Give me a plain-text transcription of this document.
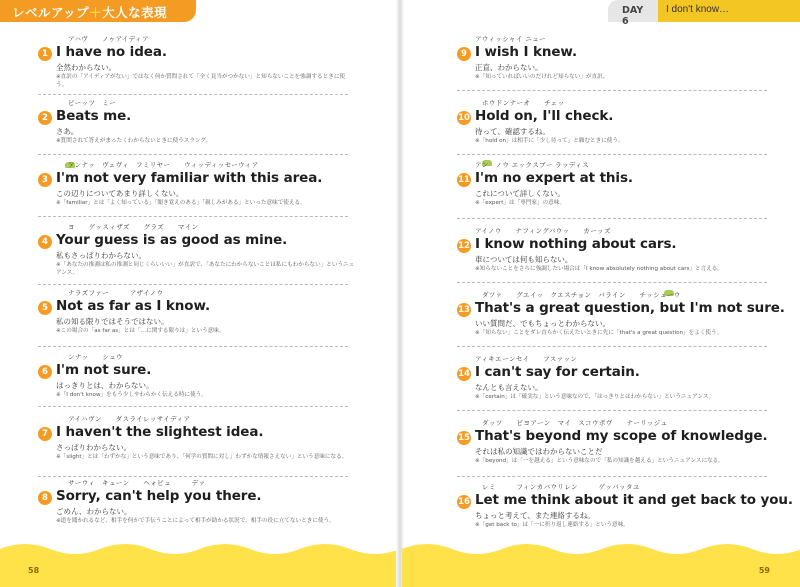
レベルアップ＋大人な表現
アハヴ　　ノゥアイディア
1 I have no idea.
全然わからない。
※直訳の「アイディアがない」ではなく何か質問されて「全く見当がつかない」と知らないことを強調するときに使う。
ビーッツ　ミー
2 Beats me.
さあ。
※質問されて答えがまったくわからないときに使うスラング。
アンナッ　ヴェヴィ　フミリヤー　　ウィッディッセーウィア
3 I'm not very familiar with this area.
この辺りについてあまり詳しくない。
※「familiar」とは「よく知っている」「聞き覚えのある」「親しみがある」といった意味で使える。
ヨ　　ゲッスィザズ　　グラズ　　マイン
4 Your guess is as good as mine.
私もさっぱりわからない。
※「あなたの推測は私の推測と同じくらいいい」が直訳で、「あなたにわからないことは私にもわからない」というニュアンス。
ナラズファー　　　アザイノウ
5 Not as far as I know.
私の知る限りではそうではない。
※この場合の「as far as」とは「…に関する限りは」という意味。
ンナッ　　シュウ
6 I'm not sure.
はっきりとは、わからない。
※「I don't know」をもう少しやわらかく伝える時に使う。
アイハヴン　　ダスライレッサイディア
7 I haven't the slightest idea.
さっぱりわからない。
※「slight」とは「わずかな」という意味であり、「何学の質問に対し」わずかな情報さえない」という意味になる。
サーウィ　キューン　　ヘォピュ　　　デァ
8 Sorry, can't help you there.
ごめん、わからない。
※道を聞かれるなど、相手を何かで手伝うことによって相手が助かる状況で、相手の役に立てないときに使う。
58
DAY 6
I don't know…
アウィッシャイ ニュー
9 I wish I knew.
正直、わからない。
※「知っていればいいのだけれど知らない」が直訳。
ホウドンナーオ　　チェッ
10 Hold on, I'll check.
待って、確認するね。
※「hold on」は相手に「少し待って」と願むときに使う。
アン　ノウ エックスブー ラッディス
11 I'm no expert at this.
これについて詳しくない。
※「expert」は「専門家」の意味。
アイノウ　　ナフィングバウッ　　カーッズ
12 I know nothing about cars.
車については何も知らない。
※知らないことをさらに強調したい場合は「I know absolutely nothing about cars」と言える。
ダツァ　　グエイッ　クエスチョン　バライン　　チッシューウ
13 That's a great question, but I'm not sure.
いい質問だ、でもちょっとわからない。
※「知らない」ことをダレ直らかく伝えたいときに先に「that's a great question」をよく使う。
アィキエーンセイ　　フスァッン
14 I can't say for certain.
なんとも言えない。
※「certain」は「確実な」という意味なので、「はっきりとはわからない」というニュアンス。
ダッツ　　ビヨアーン　マイ　スコウポヴ　　ナーリッジュ
15 That's beyond my scope of knowledge.
それは私の知識ではわからないことだ
※「beyond」は「一を越える」という意味なので「私の知識を越える」というニュアンスになる。
レミ　　　フィンカバウリレン　　　ゲッバッタユ
16 Let me think about it and get back to you.
ちょっと考えて、また連絡するね。
※「get back to」は「一に折り返し連絡する」という意味。
59
